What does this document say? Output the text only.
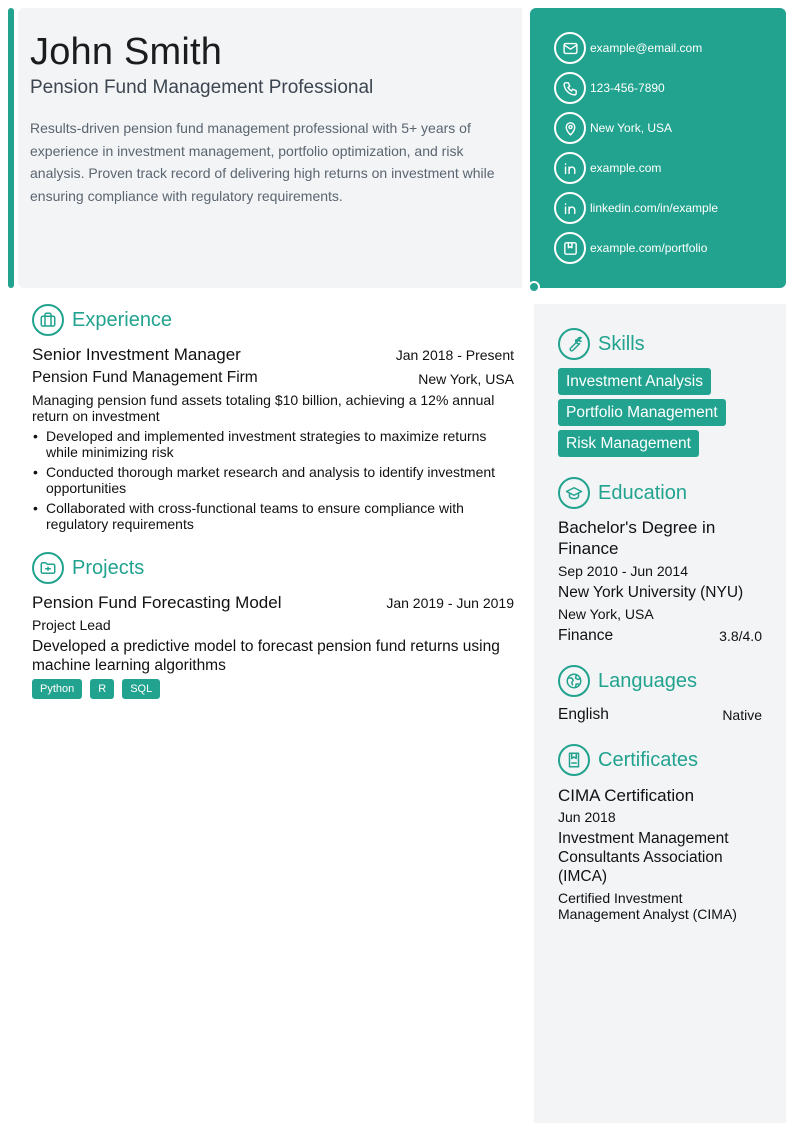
John Smith
Pension Fund Management Professional
Results-driven pension fund management professional with 5+ years of experience in investment management, portfolio optimization, and risk analysis. Proven track record of delivering high returns on investment while ensuring compliance with regulatory requirements.
example@email.com
123-456-7890
New York, USA
example.com
linkedin.com/in/example
example.com/portfolio
Experience
Senior Investment Manager	Jan 2018 - Present
Pension Fund Management Firm	New York, USA
Managing pension fund assets totaling $10 billion, achieving a 12% annual return on investment
• Developed and implemented investment strategies to maximize returns while minimizing risk
• Conducted thorough market research and analysis to identify investment opportunities
• Collaborated with cross-functional teams to ensure compliance with regulatory requirements
Projects
Pension Fund Forecasting Model	Jan 2019 - Jun 2019
Project Lead
Developed a predictive model to forecast pension fund returns using machine learning algorithms
Python R SQL
Skills
Investment Analysis
Portfolio Management
Risk Management
Education
Bachelor's Degree in Finance
Sep 2010 - Jun 2014
New York University (NYU)
New York, USA
Finance	3.8/4.0
Languages
English	Native
Certificates
CIMA Certification
Jun 2018
Investment Management Consultants Association (IMCA)
Certified Investment Management Analyst (CIMA)
